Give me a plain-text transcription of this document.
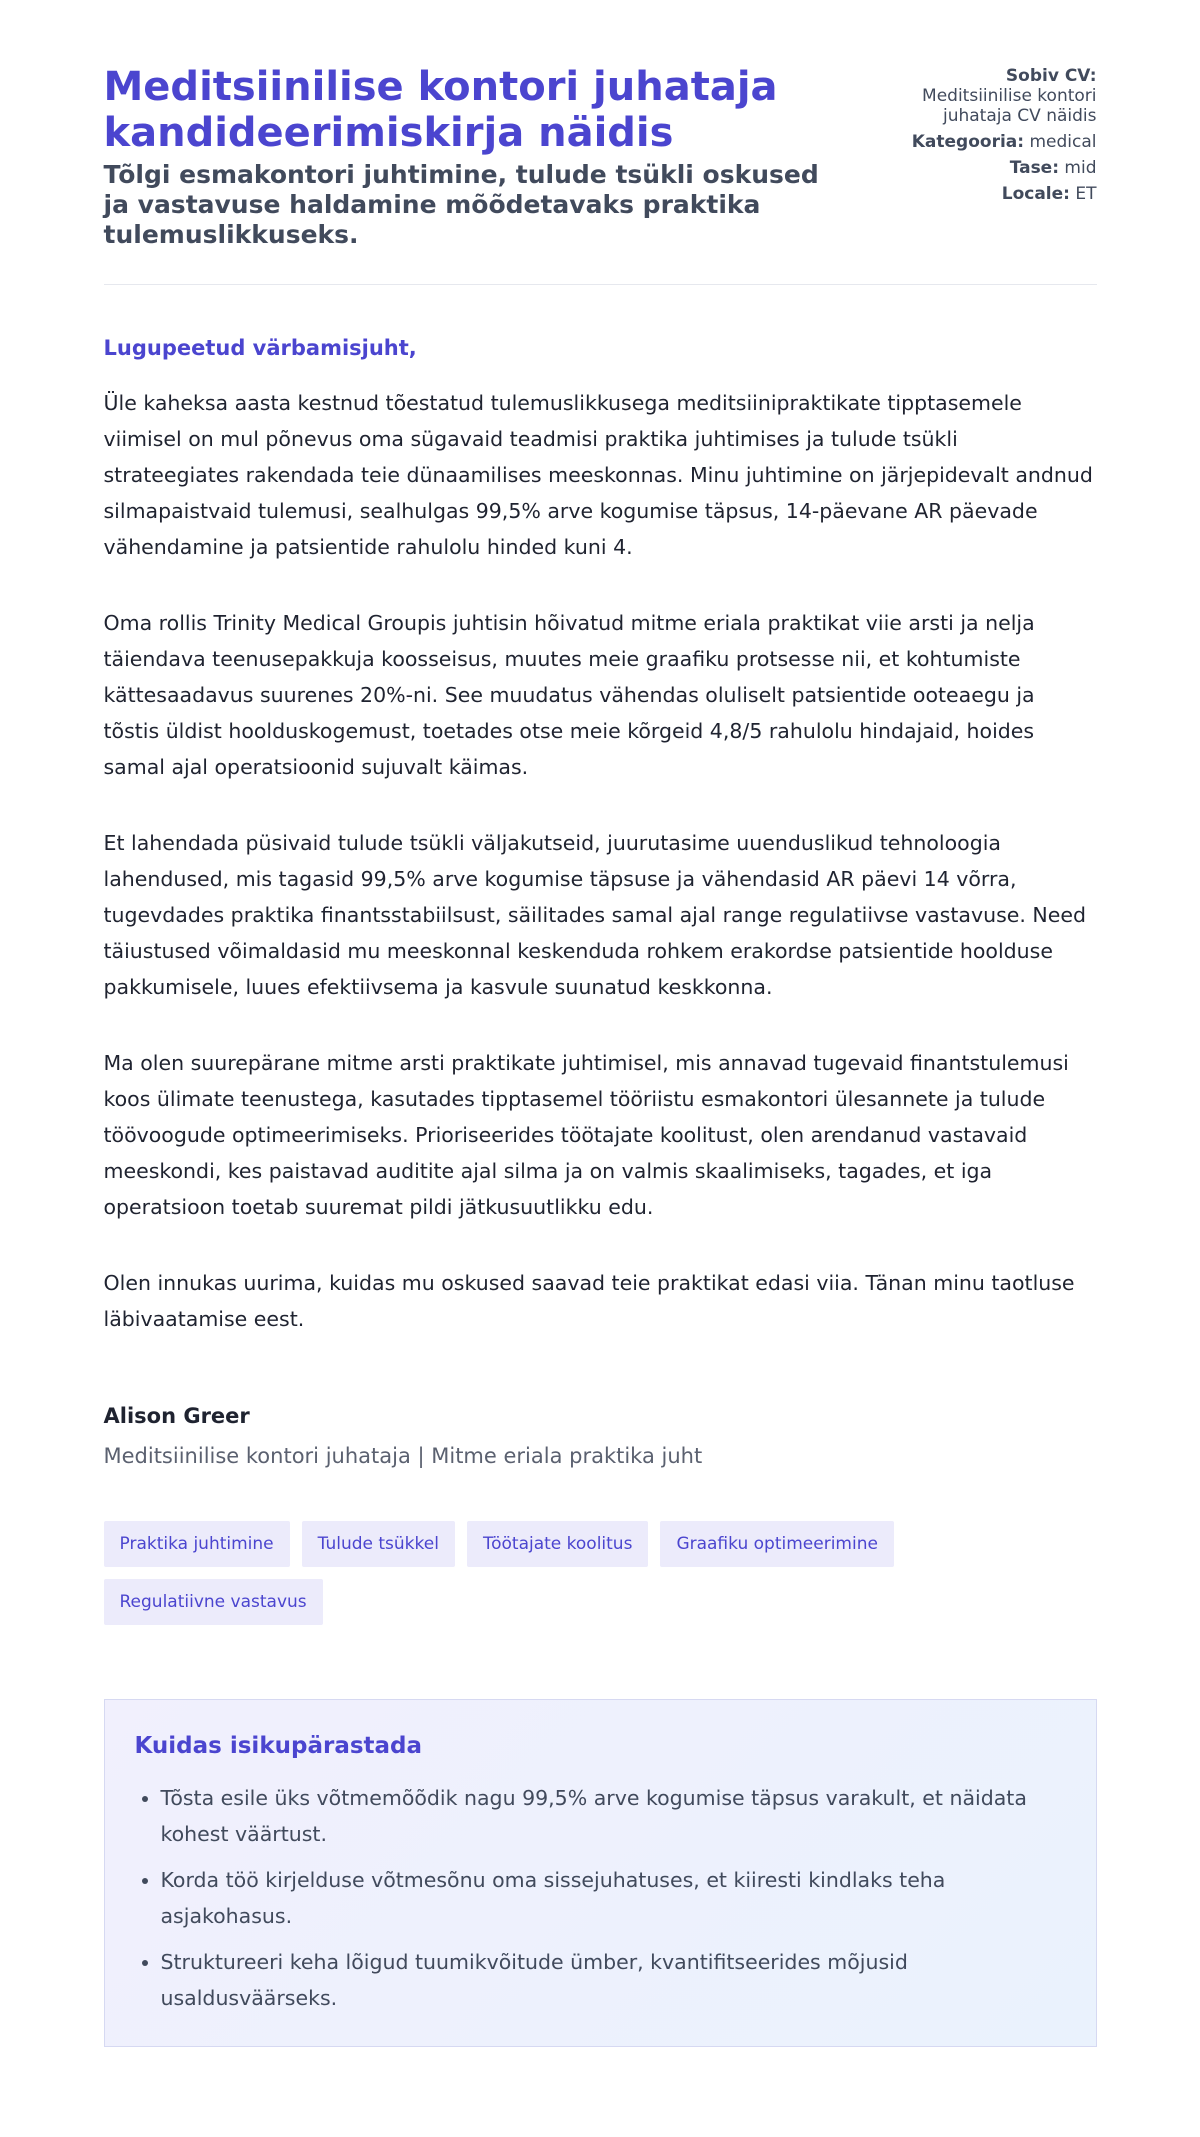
Meditsiinilise kontori juhataja kandideerimiskirja näidis
Tõlgi esmakontori juhtimine, tulude tsükli oskused ja vastavuse haldamine mõõdetavaks praktika tulemuslikkuseks.
Sobiv CV:
Meditsiinilise kontori juhataja CV näidis
Kategooria: medical
Tase: mid
Locale: ET
Lugupeetud värbamisjuht,

Üle kaheksa aasta kestnud tõestatud tulemuslikkusega meditsiinipraktikate tipptasemele viimisel on mul põnevus oma sügavaid teadmisi praktika juhtimises ja tulude tsükli strateegiates rakendada teie dünaamilises meeskonnas. Minu juhtimine on järjepidevalt andnud silmapaistvaid tulemusi, sealhulgas 99,5% arve kogumise täpsus, 14-päevane AR päevade vähendamine ja patsientide rahulolu hinded kuni 4.

Oma rollis Trinity Medical Groupis juhtisin hõivatud mitme eriala praktikat viie arsti ja nelja täiendava teenusepakkuja koosseisus, muutes meie graafiku protsesse nii, et kohtumiste kättesaadavus suurenes 20%-ni. See muudatus vähendas oluliselt patsientide ooteaegu ja tõstis üldist hoolduskogemust, toetades otse meie kõrgeid 4,8/5 rahulolu hindajaid, hoides samal ajal operatsioonid sujuvalt käimas.

Et lahendada püsivaid tulude tsükli väljakutseid, juurutasime uuenduslikud tehnoloogia lahendused, mis tagasid 99,5% arve kogumise täpsuse ja vähendasid AR päevi 14 võrra, tugevdades praktika finantsstabiilsust, säilitades samal ajal range regulatiivse vastavuse. Need täiustused võimaldasid mu meeskonnal keskenduda rohkem erakordse patsientide hoolduse pakkumisele, luues efektiivsema ja kasvule suunatud keskkonna.

Ma olen suurepärane mitme arsti praktikate juhtimisel, mis annavad tugevaid finantstulemusi koos ülimate teenustega, kasutades tipptasemel tööriistu esmakontori ülesannete ja tulude töövoogude optimeerimiseks. Prioriseerides töötajate koolitust, olen arendanud vastavaid meeskondi, kes paistavad auditite ajal silma ja on valmis skaalimiseks, tagades, et iga operatsioon toetab suuremat pildi jätkusuutlikku edu.

Olen innukas uurima, kuidas mu oskused saavad teie praktikat edasi viia. Tänan minu taotluse läbivaatamise eest.

Alison Greer
Meditsiinilise kontori juhataja | Mitme eriala praktika juht
Praktika juhtimine	Tulude tsükkel	Töötajate koolitus	Graafiku optimeerimine
Regulatiivne vastavus
Kuidas isikupärastada
• Tõsta esile üks võtmemõõdik nagu 99,5% arve kogumise täpsus varakult, et näidata kohest väärtust.
• Korda töö kirjelduse võtmesõnu oma sissejuhatuses, et kiiresti kindlaks teha asjakohasus.
• Struktureeri keha lõigud tuumikvõitude ümber, kvantifitseerides mõjusid usaldusväärseks.
